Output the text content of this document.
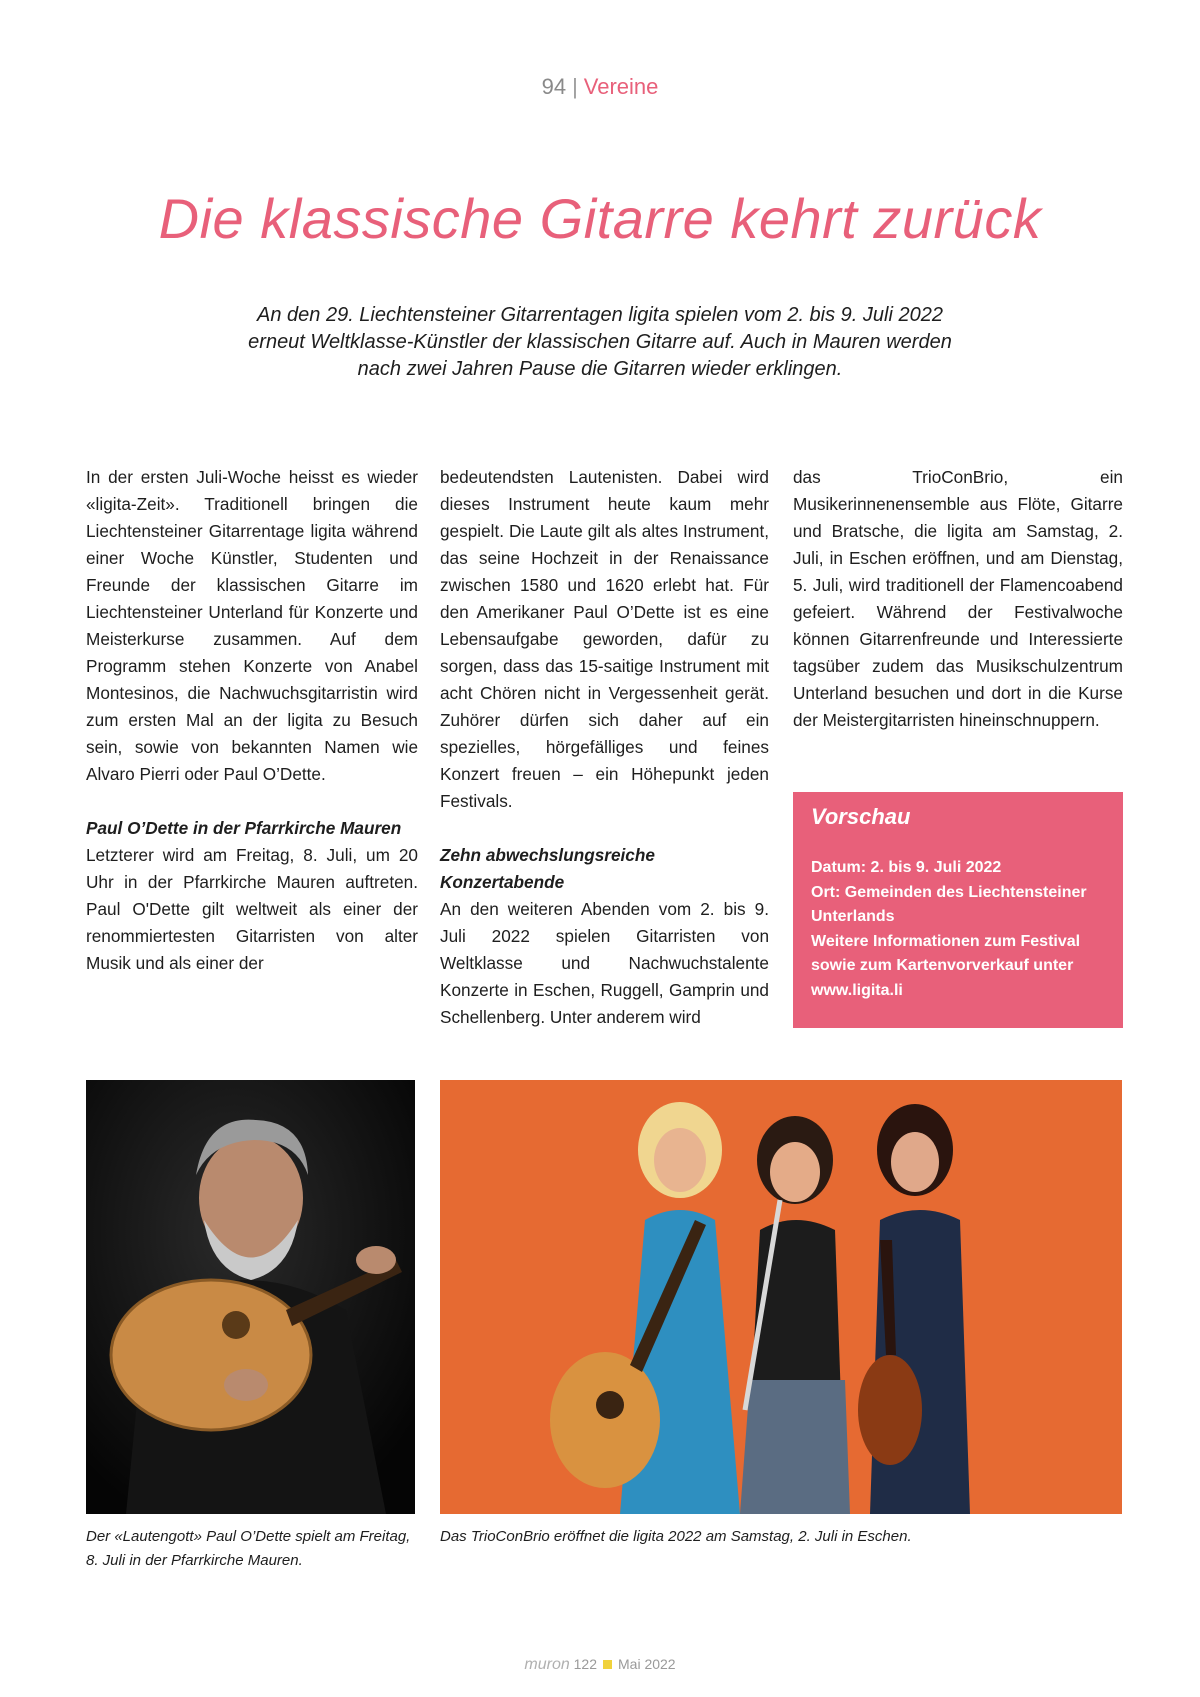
94 | Vereine
Die klassische Gitarre kehrt zurück

An den 29. Liechtensteiner Gitarrentagen ligita spielen vom 2. bis 9. Juli 2022 erneut Weltklasse-Künstler der klassischen Gitarre auf. Auch in Mauren werden nach zwei Jahren Pause die Gitarren wieder erklingen.

In der ersten Juli-Woche heisst es wieder «ligita-Zeit». Traditionell bringen die Liechtensteiner Gitarrentage ligita während einer Woche Künstler, Studenten und Freunde der klassischen Gitarre im Liechtensteiner Unterland für Konzerte und Meisterkurse zusammen. Auf dem Programm stehen Konzerte von Anabel Montesinos, die Nachwuchsgitarristin wird zum ersten Mal an der ligita zu Besuch sein, sowie von bekannten Namen wie Alvaro Pierri oder Paul O’Dette.

Paul O’Dette in der Pfarrkirche Mauren

Letzterer wird am Freitag, 8. Juli, um 20 Uhr in der Pfarrkirche Mauren auftreten. Paul O'Dette gilt weltweit als einer der renommiertesten Gitarristen von alter Musik und als einer der

bedeutendsten Lautenisten. Dabei wird dieses Instrument heute kaum mehr gespielt. Die Laute gilt als altes Instrument, das seine Hochzeit in der Renaissance zwischen 1580 und 1620 erlebt hat. Für den Amerikaner Paul O’Dette ist es eine Lebensaufgabe geworden, dafür zu sorgen, dass das 15-saitige Instrument mit acht Chören nicht in Vergessenheit gerät. Zuhörer dürfen sich daher auf ein spezielles, hörgefälliges und feines Konzert freuen – ein Höhepunkt jeden Festivals.

Zehn abwechslungsreiche Konzertabende

An den weiteren Abenden vom 2. bis 9. Juli 2022 spielen Gitarristen von Weltklasse und Nachwuchstalente Konzerte in Eschen, Ruggell, Gamprin und Schellenberg. Unter anderem wird

das TrioConBrio, ein Musikerinnenensemble aus Flöte, Gitarre und Bratsche, die ligita am Samstag, 2. Juli, in Eschen eröffnen, und am Dienstag, 5. Juli, wird traditionell der Flamencoabend gefeiert. Während der Festivalwoche können Gitarrenfreunde und Interessierte tagsüber zudem das Musikschulzentrum Unterland besuchen und dort in die Kurse der Meistergitarristen hineinschnuppern.

Vorschau
Datum: 2. bis 9. Juli 2022
Ort: Gemeinden des Liechtensteiner Unterlands
Weitere Informationen zum Festival sowie zum Kartenvorverkauf unter
www.ligita.li

Der «Lautengott» Paul O’Dette spielt am Freitag, 8. Juli in der Pfarrkirche Mauren.

Das TrioConBrio eröffnet die ligita 2022 am Samstag, 2. Juli in Eschen.

muron 122 Mai 2022
